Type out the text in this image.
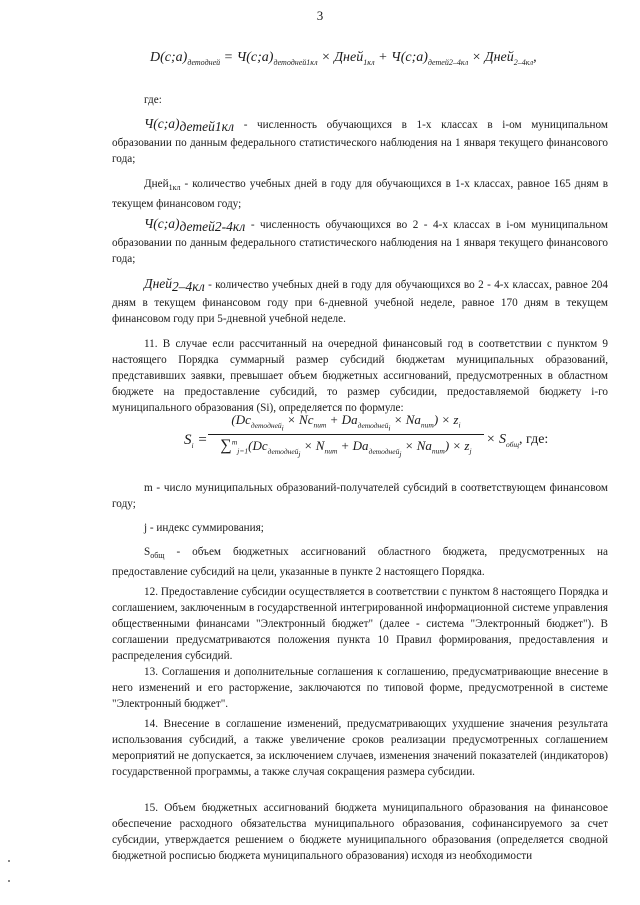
3
$D(c;a)_{детодней}$ = $Ч(c;a)_{детодней1кл}$ × Дней$_{1кл}$ + $Ч(c;a)_{детей2-4кл}$ × Дней$_{2-4кл}$,

где:

$Ч(c;a)_{детей1кл}$ - численность обучающихся в 1-х классах в i-ом муниципальном образовании по данным федерального статистического наблюдения на 1 января текущего финансового года;

Дней$_{1кл}$ - количество учебных дней в году для обучающихся в 1-х классах, равное 165 дням в текущем финансовом году;

$Ч(c;a)_{детей2-4кл}$ - численность обучающихся во 2 - 4-х классах в i-ом муниципальном образовании по данным федерального статистического наблюдения на 1 января текущего финансового года;

Дней$_{2-4кл}$ - количество учебных дней в году для обучающихся во 2 - 4-х классах, равное 204 дням в текущем финансовом году при 6-дневной учебной неделе, равное 170 дням в текущем финансовом году при 5-дневной учебной неделе.

11. В случае если рассчитанный на очередной финансовый год в соответствии с пунктом 9 настоящего Порядка суммарный размер субсидий бюджетам муниципальных образований, представивших заявки, превышает объем бюджетных ассигнований, предусмотренных в областном бюджете на предоставление субсидий, то размер субсидии, предоставляемой бюджету i-го муниципального образования (Si), определяется по формуле:

$S_i$ =
$(Dc_{детодней_i} \times Nc_{пит} + Da_{детодней_i} \times Na_{пит}) \times z_i$
$\sum^m_{j=1}(Dc_{детодней_j} \times N_{пит} + Da_{детодней_j} \times Na_{пит}) \times z_j$
× $S_{общ}$, где:

m - число муниципальных образований-получателей субсидий в соответствующем финансовом году;

j - индекс суммирования;

$S_{общ}$ - объем бюджетных ассигнований областного бюджета, предусмотренных на предоставление субсидий на цели, указанные в пункте 2 настоящего Порядка.

12. Предоставление субсидии осуществляется в соответствии с пунктом 8 настоящего Порядка и соглашением, заключенным в государственной интегрированной информационной системе управления общественными финансами "Электронный бюджет" (далее - система "Электронный бюджет"). В соглашении предусматриваются положения пункта 10 Правил формирования, предоставления и распределения субсидий.

13. Соглашения и дополнительные соглашения к соглашению, предусматривающие внесение в него изменений и его расторжение, заключаются по типовой форме, предусмотренной в системе "Электронный бюджет".

14. Внесение в соглашение изменений, предусматривающих ухудшение значения результата использования субсидий, а также увеличение сроков реализации предусмотренных соглашением мероприятий не допускается, за исключением случаев, изменения значений показателей (индикаторов) государственной программы, а также случая сокращения размера субсидии.

15. Объем бюджетных ассигнований бюджета муниципального образования на финансовое обеспечение расходного обязательства муниципального образования, софинансируемого за счет субсидии, утверждается решением о бюджете муниципального образования (определяется сводной бюджетной росписью бюджета муниципального образования) исходя из необходимости
